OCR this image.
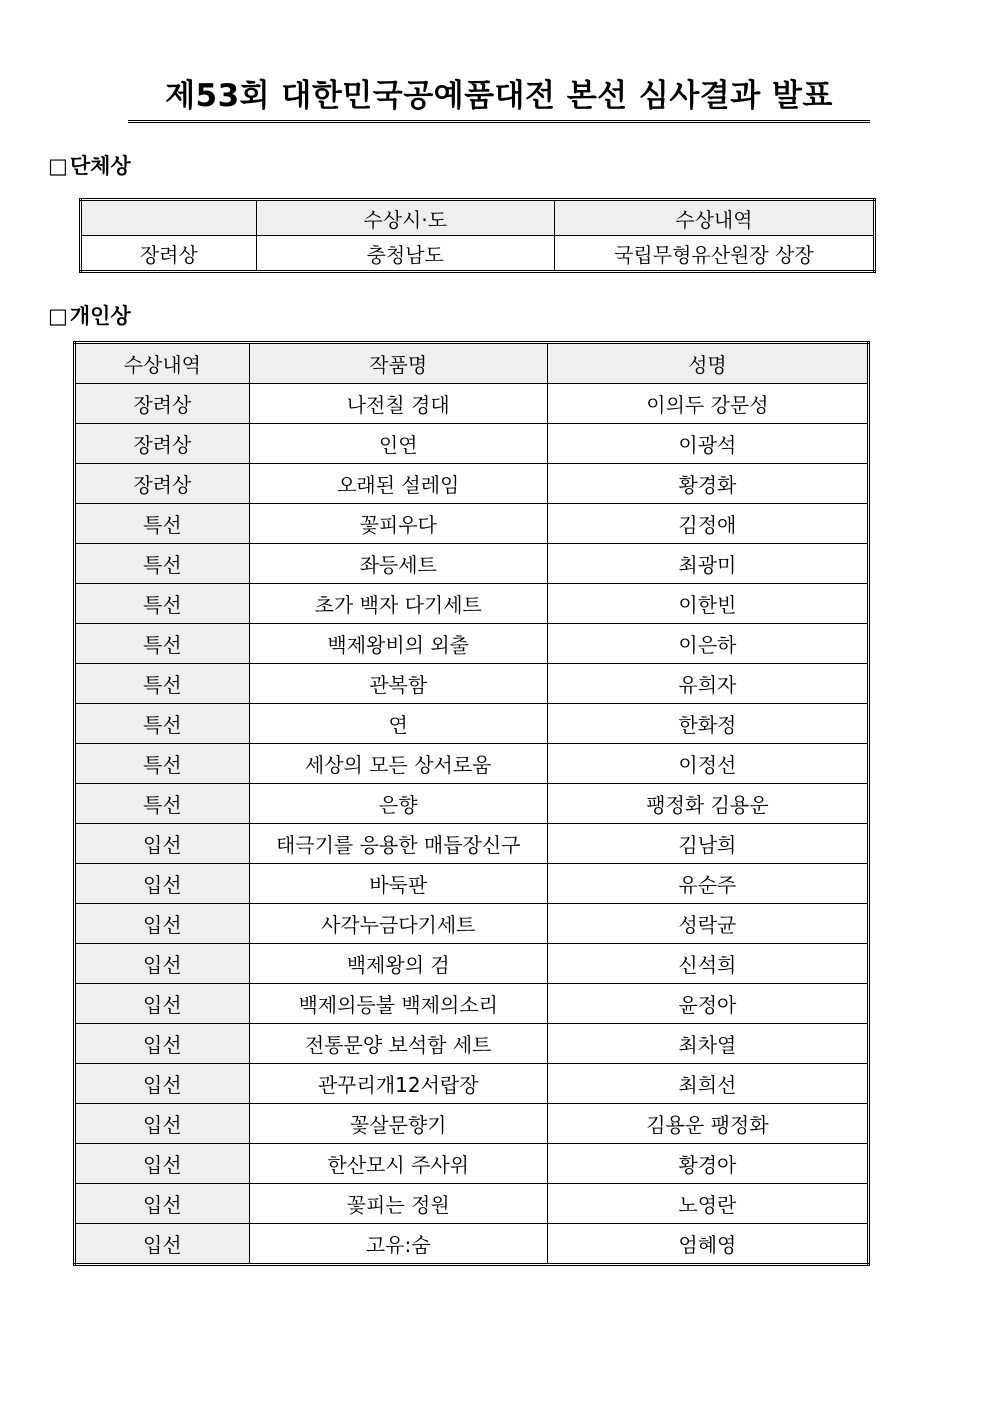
제53회 대한민국공예품대전 본선 심사결과 발표
□단체상
	수상시·도	수상내역
장려상	충청남도	국립무형유산원장 상장
□개인상
수상내역	작품명	성명
장려상	나전칠 경대	이의두 강문성
장려상	인연	이광석
장려상	오래된 설레임	황경화
특선	꽃피우다	김정애
특선	좌등세트	최광미
특선	초가 백자 다기세트	이한빈
특선	백제왕비의 외출	이은하
특선	관복함	유희자
특선	연	한화정
특선	세상의 모든 상서로움	이정선
특선	은향	팽정화 김용운
입선	태극기를 응용한 매듭장신구	김남희
입선	바둑판	유순주
입선	사각누금다기세트	성락균
입선	백제왕의 검	신석희
입선	백제의등불 백제의소리	윤정아
입선	전통문양 보석함 세트	최차열
입선	관꾸리개12서랍장	최희선
입선	꽃살문향기	김용운 팽정화
입선	한산모시 주사위	황경아
입선	꽃피는 정원	노영란
입선	고유:숨	엄혜영
